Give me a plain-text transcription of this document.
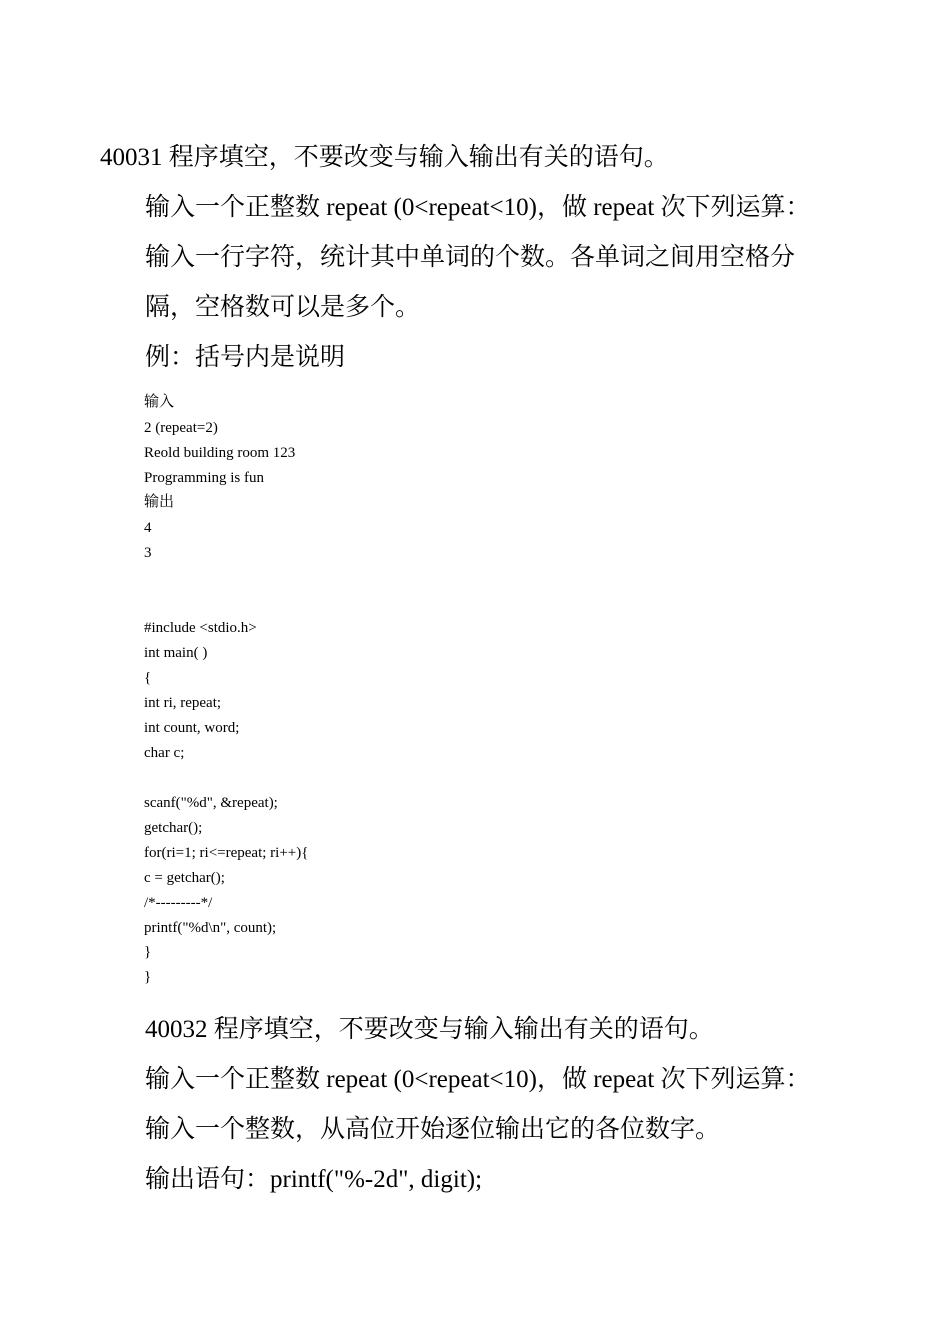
40031 程序填空，不要改变与输入输出有关的语句。

输入一个正整数 repeat (0<repeat<10)，做 repeat 次下列运算：

输入一行字符，统计其中单词的个数。各单词之间用空格分

隔，空格数可以是多个。

例：括号内是说明

输入

2 (repeat=2)

Reold building room 123

Programming is fun

输出

4

3

#include <stdio.h>

int main( )

{

int ri, repeat;

int count, word;

char c;

scanf("%d", &repeat);

getchar();

for(ri=1; ri<=repeat; ri++){

c = getchar();

/*---------*/

printf("%d\n", count);

}

}

40032 程序填空，不要改变与输入输出有关的语句。

输入一个正整数 repeat (0<repeat<10)，做 repeat 次下列运算：

输入一个整数，从高位开始逐位输出它的各位数字。

输出语句：printf("%-2d", digit);
